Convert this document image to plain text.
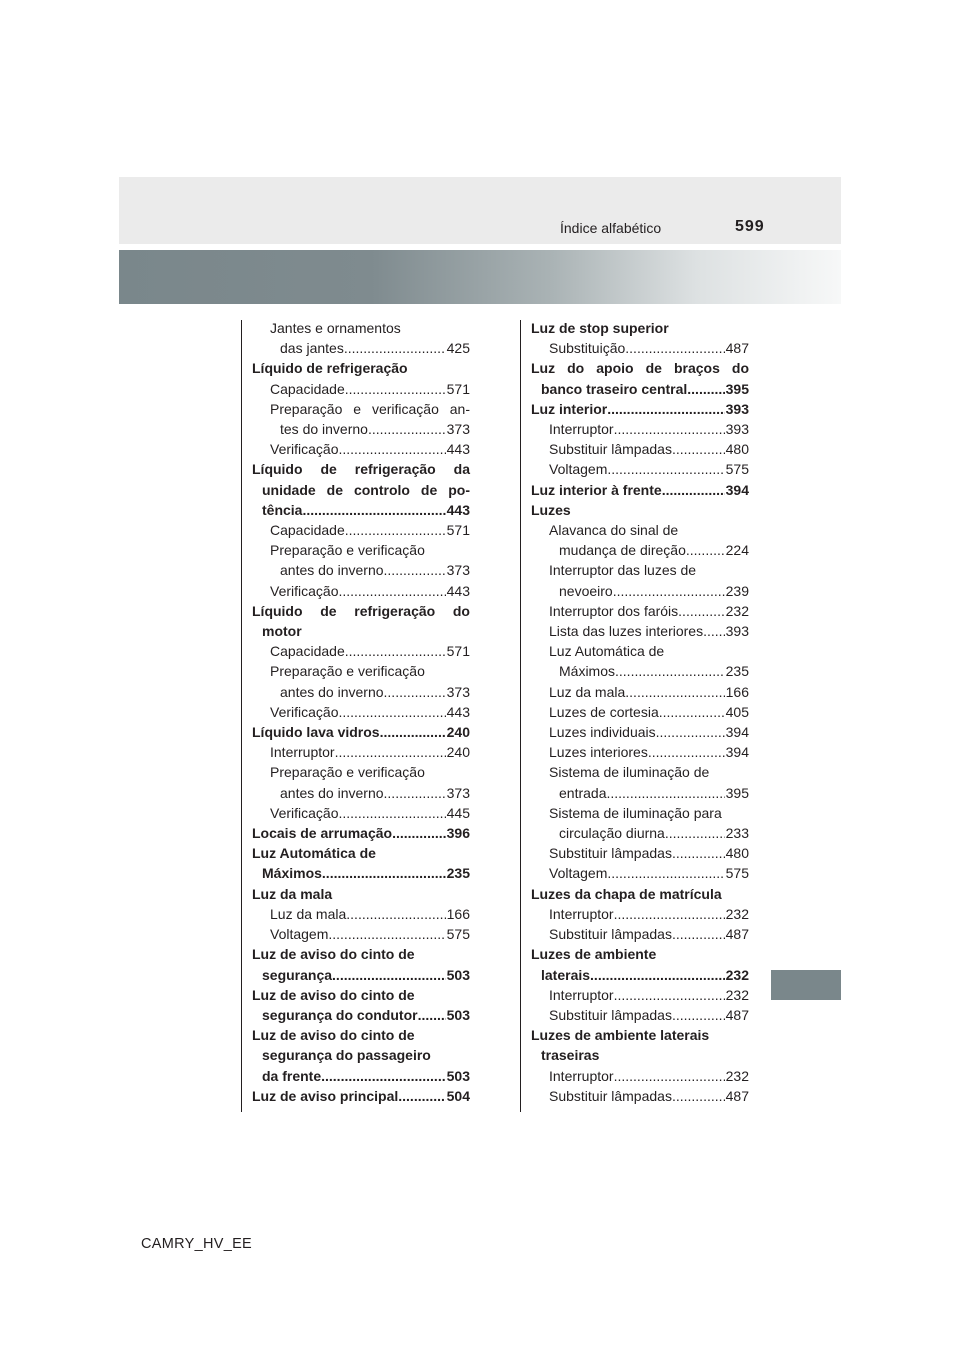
Índice alfabético	599
Jantes e ornamentos
das jantes .....	425
Líquido de refrigeração
Capacidade .....	571
Preparação e verificação an-
tes do inverno .....	373
Verificação .....	443
Líquido de refrigeração da
unidade de controlo de po-
tência .....	443
Capacidade .....	571
Preparação e verificação
antes do inverno .....	373
Verificação .....	443
Líquido de refrigeração do
motor
Capacidade .....	571
Preparação e verificação
antes do inverno .....	373
Verificação .....	443
Líquido lava vidros .....	240
Interruptor .....	240
Preparação e verificação
antes do inverno .....	373
Verificação .....	445
Locais de arrumação .....	396
Luz Automática de
Máximos .....	235
Luz da mala
Luz da mala .....	166
Voltagem .....	575
Luz de aviso do cinto de
segurança .....	503
Luz de aviso do cinto de
segurança do condutor ..... 503
Luz de aviso do cinto de
segurança do passageiro
da frente .....	503
Luz de aviso principal .....	504
Luz de stop superior
Substituição .....	487
Luz do apoio de braços do
banco traseiro central .....	395
Luz interior .....	393
Interruptor .....	393
Substituir lâmpadas .....	480
Voltagem .....	575
Luz interior à frente .....	394
Luzes
Alavanca do sinal de
mudança de direção .....	224
Interruptor das luzes de
nevoeiro .....	239
Interruptor dos faróis .....	232
Lista das luzes interiores ..... 393
Luz Automática de
Máximos .....	235
Luz da mala .....	166
Luzes de cortesia .....	405
Luzes individuais .....	394
Luzes interiores .....	394
Sistema de iluminação de
entrada .....	395
Sistema de iluminação para
circulação diurna .....	233
Substituir lâmpadas .....	480
Voltagem .....	575
Luzes da chapa de matrícula
Interruptor .....	232
Substituir lâmpadas .....	487
Luzes de ambiente
laterais .....	232
Interruptor .....	232
Substituir lâmpadas .....	487
Luzes de ambiente laterais
traseiras
Interruptor .....	232
Substituir lâmpadas .....	487
CAMRY_HV_EE
